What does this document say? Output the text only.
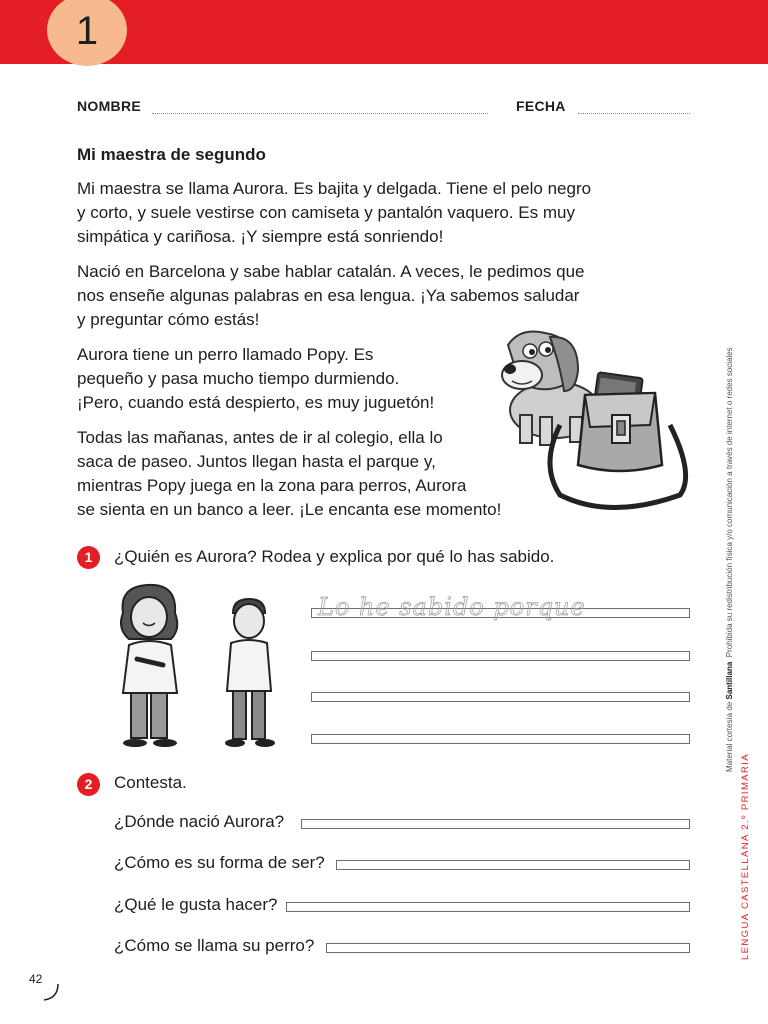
1
NOMBRE	FECHA
Mi maestra de segundo

Mi maestra se llama Aurora. Es bajita y delgada. Tiene el pelo negro
y corto, y suele vestirse con camiseta y pantalón vaquero. Es muy
simpática y cariñosa. ¡Y siempre está sonriendo!

Nació en Barcelona y sabe hablar catalán. A veces, le pedimos que
nos enseñe algunas palabras en esa lengua. ¡Ya sabemos saludar
y preguntar cómo estás!

Aurora tiene un perro llamado Popy. Es
pequeño y pasa mucho tiempo durmiendo.
¡Pero, cuando está despierto, es muy juguetón!

Todas las mañanas, antes de ir al colegio, ella lo
saca de paseo. Juntos llegan hasta el parque y,
mientras Popy juega en la zona para perros, Aurora
se sienta en un banco a leer. ¡Le encanta ese momento!

1	¿Quién es Aurora? Rodea y explica por qué lo has sabido.
Lo he sabido porque
2	Contesta.
¿Dónde nació Aurora?
¿Cómo es su forma de ser?
¿Qué le gusta hacer?
¿Cómo se llama su perro?
Material cortesía de Santillana  Prohibida su redistribución física y/o comunicación a través de internet o redes sociales
LENGUA CASTELLANA 2.º PRIMARIA
42
